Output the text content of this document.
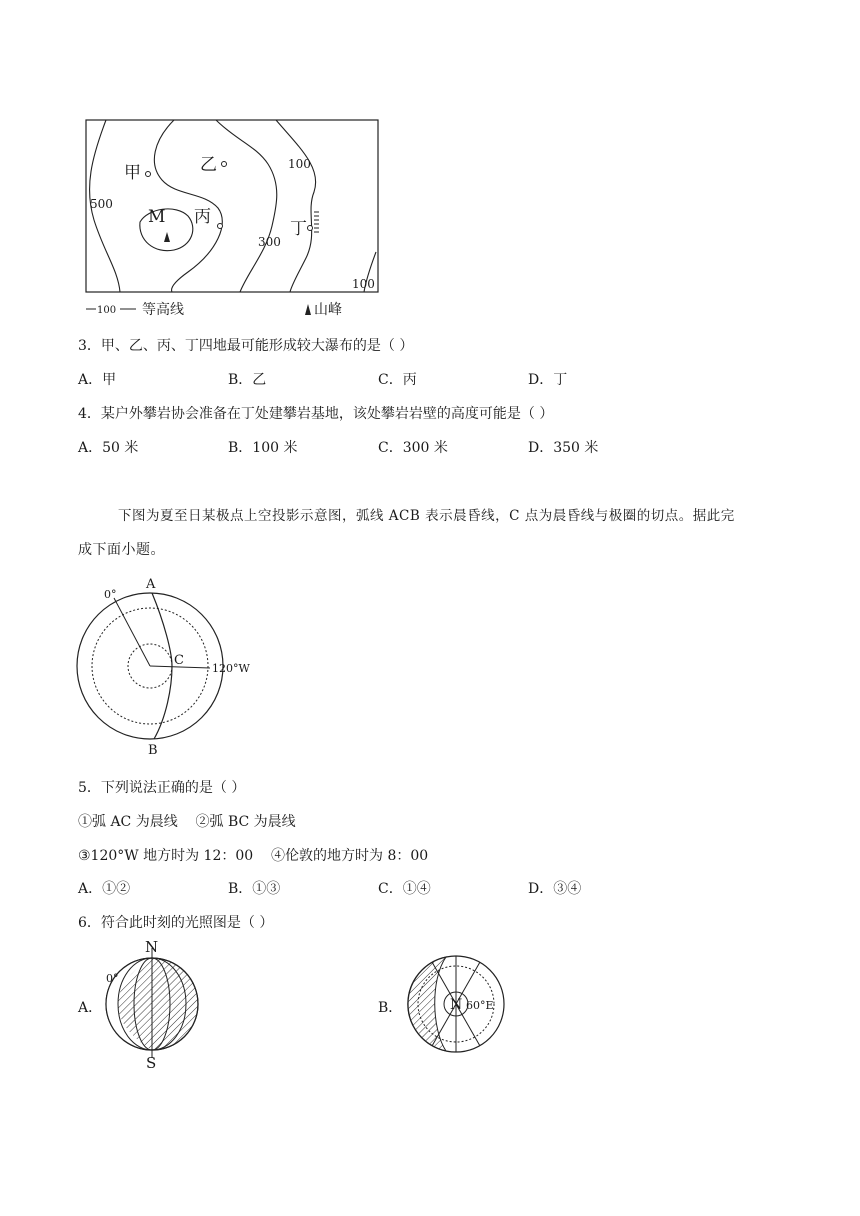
甲	乙
M 丙
丁
500
300
100
100
100 等高线	山峰
3．甲、乙、丙、丁四地最可能形成较大瀑布的是（ ）
A．甲	B．乙	C．丙	D．丁
4．某户外攀岩协会准备在丁处建攀岩基地，该处攀岩岩壁的高度可能是（ ）
A．50 米	B．100 米	C．300 米	D．350 米
下图为夏至日某极点上空投影示意图，弧线 ACB 表示晨昏线，C 点为晨昏线与极圈的切点。据此完
成下面小题。
A
B
C
0°
120°W
5．下列说法正确的是（ ）
①弧 AC 为晨线    ②弧 BC 为晨线
③120°W 地方时为 12：00    ④伦敦的地方时为 8：00
A．①②	B．①③	C．①④	D．③④
6．符合此时刻的光照图是（ ）
A．
N
S
0°
B．	N 60°E
